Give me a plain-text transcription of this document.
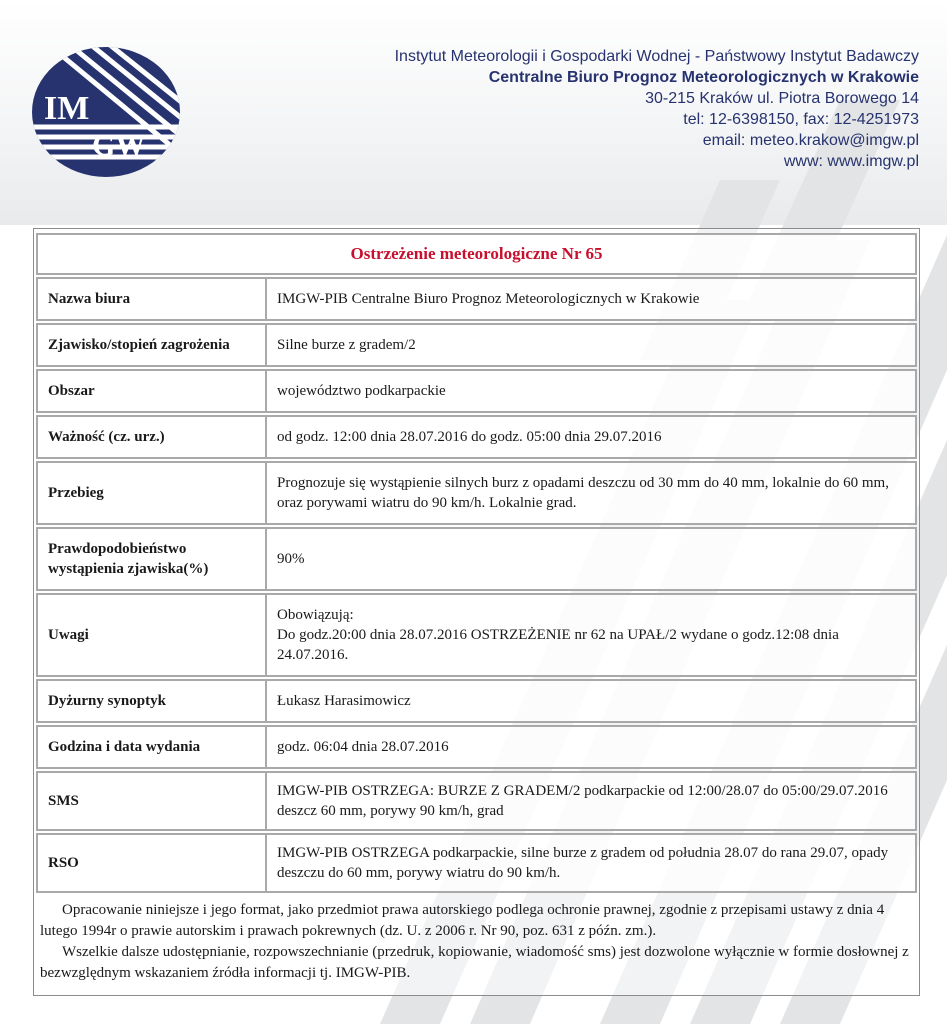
IM
GW
Instytut Meteorologii i Gospodarki Wodnej - Państwowy Instytut Badawczy
Centralne Biuro Prognoz Meteorologicznych w Krakowie
30-215 Kraków ul. Piotra Borowego 14
tel: 12-6398150, fax: 12-4251973
email: meteo.krakow@imgw.pl
www: www.imgw.pl
Ostrzeżenie meteorologiczne Nr 65	
Nazwa biura	IMGW-PIB Centralne Biuro Prognoz Meteorologicznych w Krakowie
Zjawisko/stopień zagrożenia	Silne burze z gradem/2
Obszar	województwo podkarpackie
Ważność (cz. urz.)	od godz. 12:00 dnia 28.07.2016 do godz. 05:00 dnia 29.07.2016
Przebieg	Prognozuje się wystąpienie silnych burz z opadami deszczu od 30 mm do 40 mm, lokalnie do 60 mm, oraz porywami wiatru do 90 km/h. Lokalnie grad.
Prawdopodobieństwo wystąpienia zjawiska(%)	90%
Uwagi	Obowiązują:
Do godz.20:00 dnia 28.07.2016 OSTRZEŻENIE nr 62 na UPAŁ/2 wydane o godz.12:08 dnia 24.07.2016.

Dyżurny synoptyk	Łukasz Harasimowicz
Godzina i data wydania	godz. 06:04 dnia 28.07.2016
SMS	IMGW-PIB OSTRZEGA: BURZE Z GRADEM/2 podkarpackie od 12:00/28.07 do 05:00/29.07.2016 deszcz 60 mm, porywy 90 km/h, grad
RSO	IMGW-PIB OSTRZEGA podkarpackie, silne burze z gradem od południa 28.07 do rana 29.07, opady deszczu do 60 mm, porywy wiatru do 90 km/h.

Opracowanie niniejsze i jego format, jako przedmiot prawa autorskiego podlega ochronie prawnej, zgodnie z przepisami ustawy z dnia 4 lutego 1994r o prawie autorskim i prawach pokrewnych (dz. U. z 2006 r. Nr 90, poz. 631 z późn. zm.).

Wszelkie dalsze udostępnianie, rozpowszechnianie (przedruk, kopiowanie, wiadomość sms) jest dozwolone wyłącznie w formie dosłownej z bezwzględnym wskazaniem źródła informacji tj. IMGW-PIB.
